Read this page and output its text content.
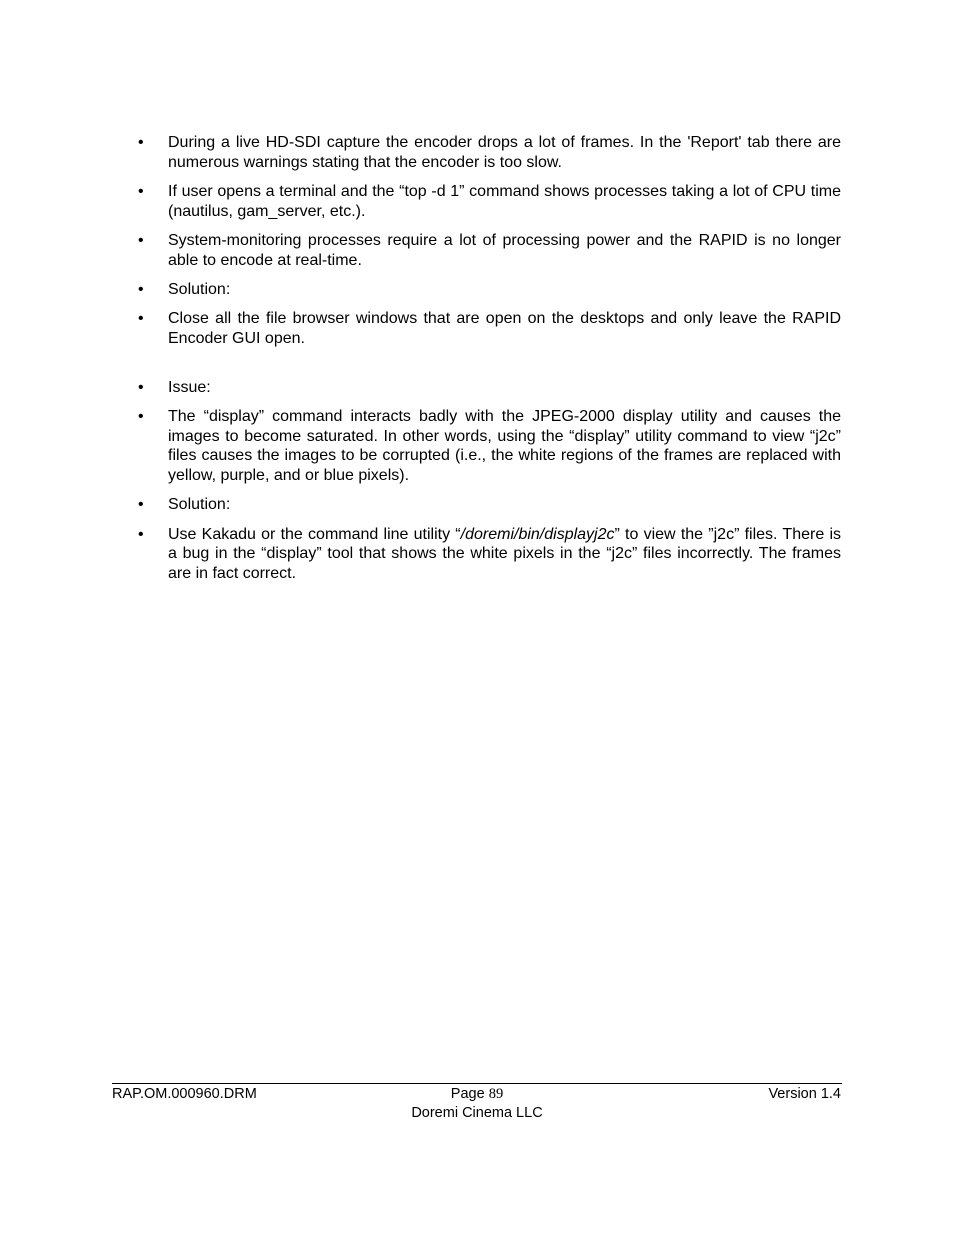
•	During a live HD-SDI capture the encoder drops a lot of frames. In the 'Report' tab there are numerous warnings stating that the encoder is too slow.
•	If user opens a terminal and the “top -d 1” command shows processes taking a lot of CPU time (nautilus, gam_server, etc.).
•	System-monitoring processes require a lot of processing power and the RAPID is no longer able to encode at real-time.
•	Solution:
•	Close all the file browser windows that are open on the desktops and only leave the RAPID Encoder GUI open.
•	Issue:
•	The “display” command interacts badly with the JPEG-2000 display utility and causes the images to become saturated. In other words, using the “display” utility command to view “j2c” files causes the images to be corrupted (i.e., the white regions of the frames are replaced with yellow, purple, and or blue pixels).
•	Solution:
•	Use Kakadu or the command line utility “/doremi/bin/displayj2c” to view the ”j2c” files. There is a bug in the “display” tool that shows the white pixels in the “j2c” files incorrectly. The frames are in fact correct.
RAP.OM.000960.DRM	Page 89	Version 1.4
Doremi Cinema LLC
